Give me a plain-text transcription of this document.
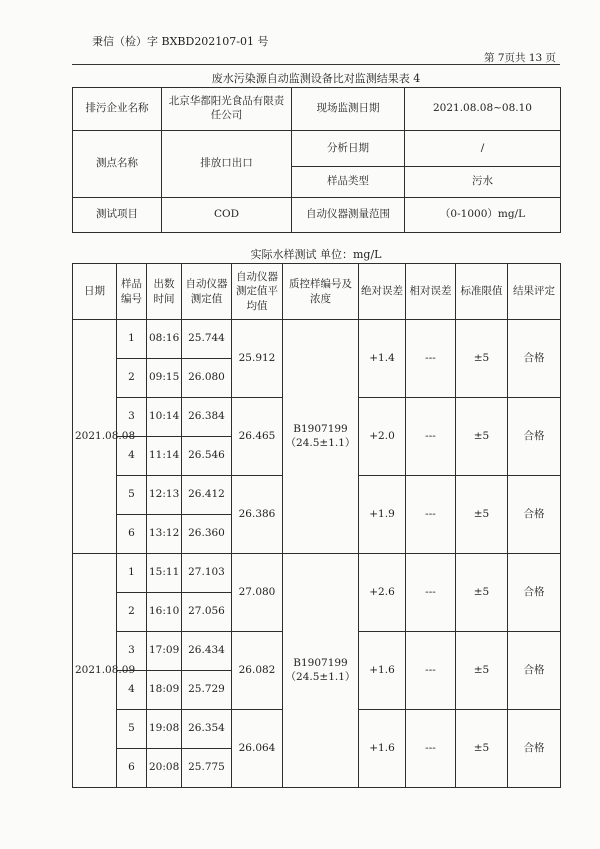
秉信（检）字 BXBD202107-01 号
第 7页共 13 页
废水污染源自动监测设备比对监测结果表 4
排污企业名称	北京华都阳光食品有限责任公司	现场监测日期	2021.08.08~08.10
测点名称	排放口出口	分析日期	/
		样品类型	污水
测试项目	COD	自动仪器测量范围	（0-1000）mg/L
实际水样测试 单位：mg/L
日期	样品编号	出数时间	自动仪器测定值	自动仪器测定值平均值	质控样编号及浓度	绝对误差	相对误差	标准限值	结果评定
2021.08.08	1	08:16	25.744	25.912	B1907199（24.5±1.1）	+1.4	---	±5	合格
	2	09:15	26.080						
	3	10:14	26.384	26.465		+2.0	---	±5	合格
	4	11:14	26.546						
	5	12:13	26.412	26.386		+1.9	---	±5	合格
	6	13:12	26.360						
2021.08.09	1	15:11	27.103	27.080	B1907199（24.5±1.1）	+2.6	---	±5	合格
	2	16:10	27.056						
	3	17:09	26.434	26.082		+1.6	---	±5	合格
	4	18:09	25.729						
	5	19:08	26.354	26.064		+1.6	---	±5	合格
	6	20:08	25.775						
